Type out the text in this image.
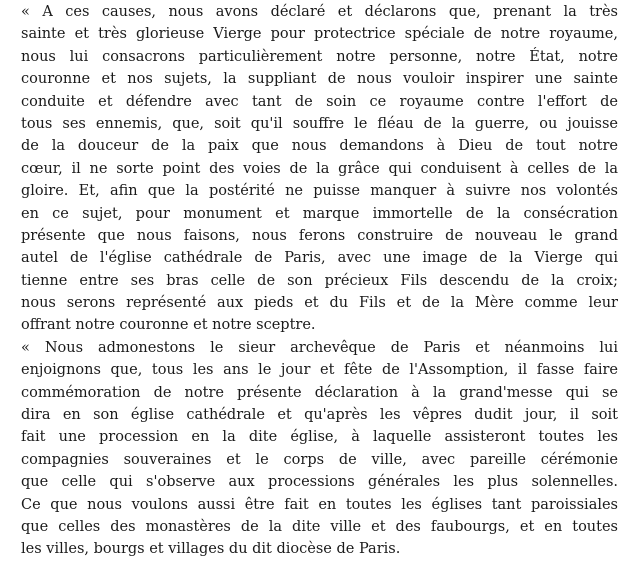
« A ces causes, nous avons déclaré et déclarons que, prenant la très
sainte et très glorieuse Vierge pour protectrice spéciale de notre royaume,
nous lui consacrons particulièrement notre personne, notre État, notre
couronne et nos sujets, la suppliant de nous vouloir inspirer une sainte
conduite et défendre avec tant de soin ce royaume contre l'effort de
tous ses ennemis, que, soit qu'il souffre le fléau de la guerre, ou jouisse
de la douceur de la paix que nous demandons à Dieu de tout notre
cœur, il ne sorte point des voies de la grâce qui conduisent à celles de la
gloire. Et, afin que la postérité ne puisse manquer à suivre nos volontés
en ce sujet, pour monument et marque immortelle de la consécration
présente que nous faisons, nous ferons construire de nouveau le grand
autel de l'église cathédrale de Paris, avec une image de la Vierge qui
tienne entre ses bras celle de son précieux Fils descendu de la croix;
nous serons représenté aux pieds et du Fils et de la Mère comme leur
offrant notre couronne et notre sceptre.
« Nous admonestons le sieur archevêque de Paris et néanmoins lui
enjoignons que, tous les ans le jour et fête de l'Assomption, il fasse faire
commémoration de notre présente déclaration à la grand'messe qui se
dira en son église cathédrale et qu'après les vêpres dudit jour, il soit
fait une procession en la dite église, à laquelle assisteront toutes les
compagnies souveraines et le corps de ville, avec pareille cérémonie
que celle qui s'observe aux processions générales les plus solennelles.
Ce que nous voulons aussi être fait en toutes les églises tant paroissiales
que celles des monastères de la dite ville et des faubourgs, et en toutes
les villes, bourgs et villages du dit diocèse de Paris.
